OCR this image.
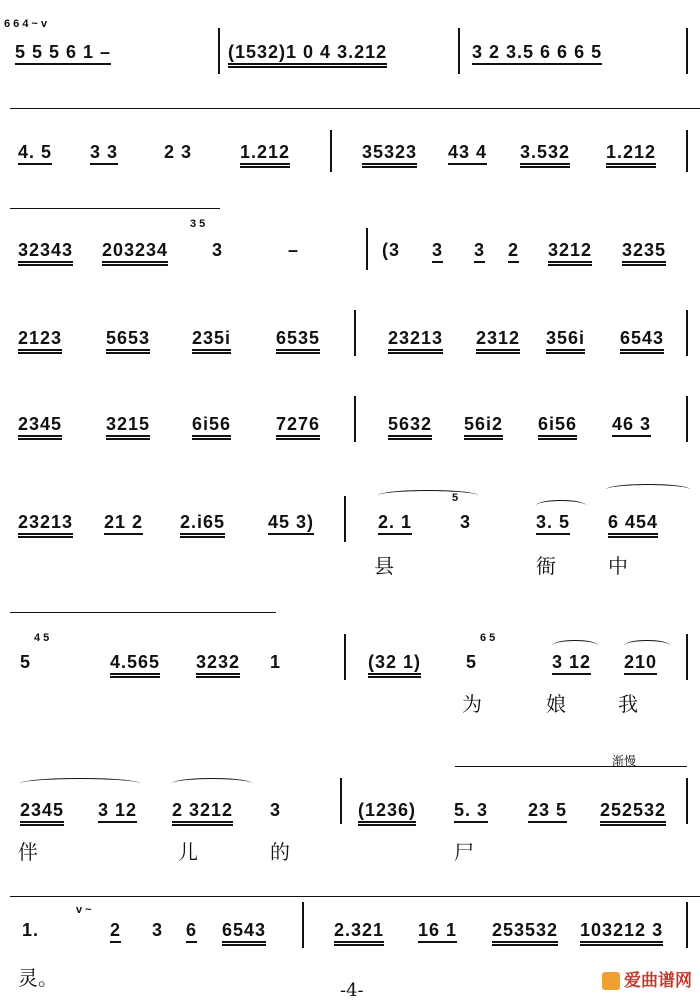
6 6 4 ~ v
5 5 5 6 1 –	(1532)1 0 4 3.212	3 2 3.5 6 6 6 5
4. 5 3 3	2 3	1.212	35323 43 4 3.532 1.212
32343 203234
3 5
3	–	(3 3 3 2 3212 3235
2123 5653 235i 6535	23213 2312 356i 6543
2345 3215 6i56 7276	5632 56i2 6i56 46 3
23213 21 2 2.i65 45 3)	2. 1
5
3	3. 5 6 454
县	衙	中
4 5
5	4.565 3232 1	(32 1)
6 5
5	3 12 210
为	娘	我
渐慢
2345 3 12 2 3212 3	(1236) 5. 3 23 5 252532
伴	儿	的	尸
v ~
1.	2 3 6 6543	2.321 16 1 253532 103212 3
灵。
-4-	爱曲谱网
